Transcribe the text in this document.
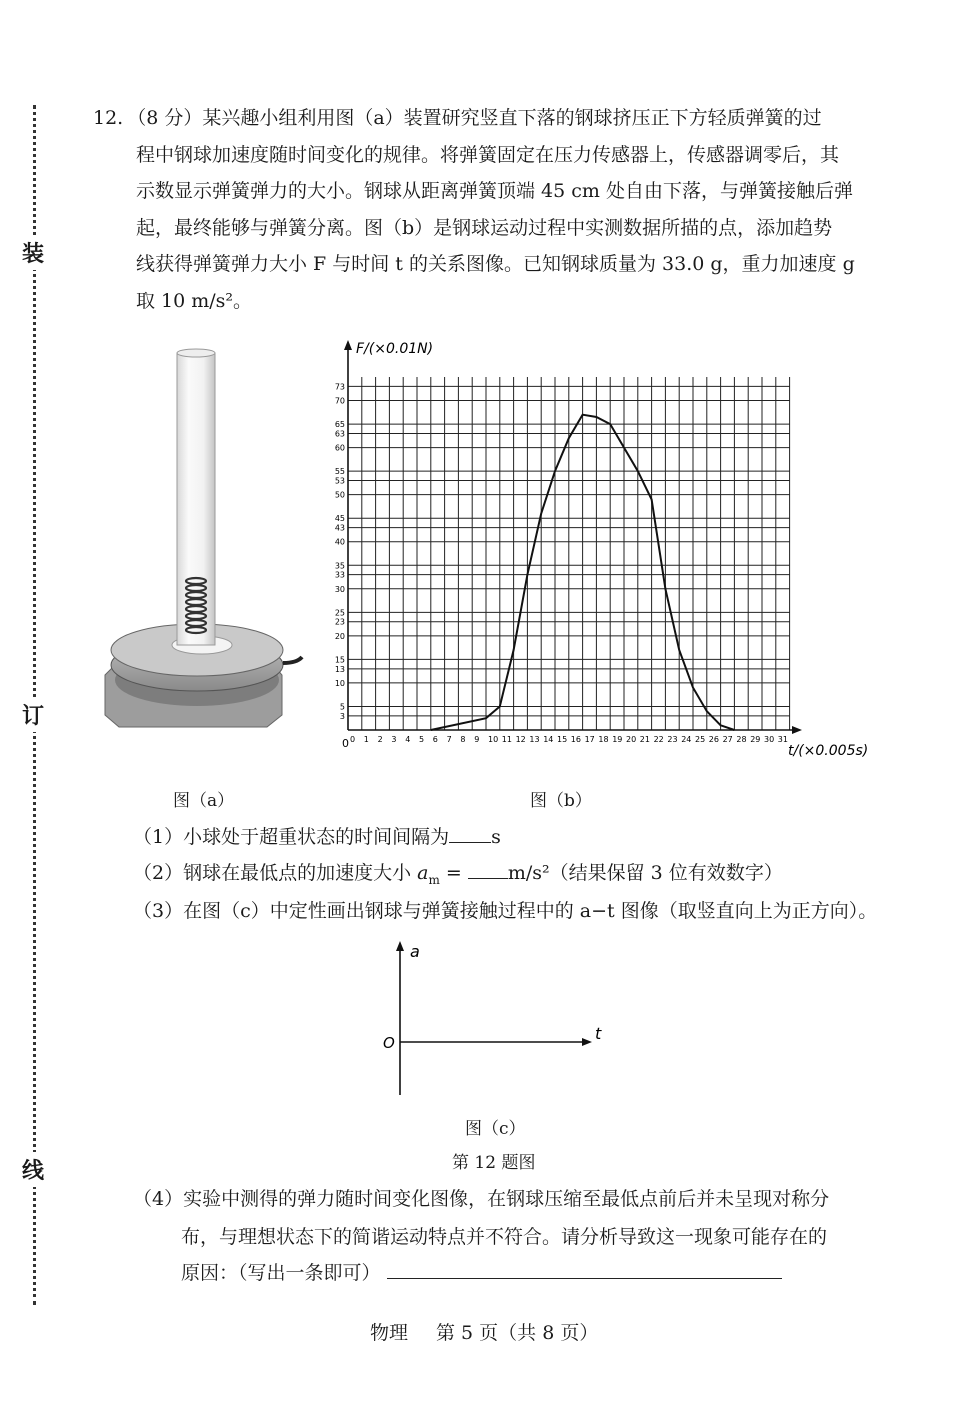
装
订
线
12. （8 分）某兴趣小组利用图（a）装置研究竖直下落的钢球挤压正下方轻质弹簧的过
程中钢球加速度随时间变化的规律。将弹簧固定在压力传感器上，传感器调零后，其
示数显示弹簧弹力的大小。钢球从距离弹簧顶端 45 cm 处自由下落，与弹簧接触后弹
起，最终能够与弹簧分离。图（b）是钢球运动过程中实测数据所描的点，添加趋势
线获得弹簧弹力大小 F 与时间 t 的关系图像。已知钢球质量为 33.0 g，重力加速度 g
取 10 m/s²。
图（a）
0 1 2 3 4 5 6 7 8 9 10 11 12 13 14 15 16 17 18 19 20 21 22 23 24 25 26 27 28 29 30 31
3
5
10
13
15
20
23
25
30
33
35
40
43
45
50
53
55
60
63
65
70
73
F/(×0.01N)
t/(×0.005s)
0
图（b）
（1）小球处于超重状态的时间间隔为 s
（2）钢球在最低点的加速度大小 $a_m = m/s^2$（结果保留 3 位有效数字）
（3）在图（c）中定性画出钢球与弹簧接触过程中的 a−t 图像（取竖直向上为正方向）。
a
t
O
图（c）
第 12 题图
（4）实验中测得的弹力随时间变化图像，在钢球压缩至最低点前后并未呈现对称分
布，与理想状态下的简谐运动特点并不符合。请分析导致这一现象可能存在的
原因：（写出一条即可）
物理 第 5 页（共 8 页）
